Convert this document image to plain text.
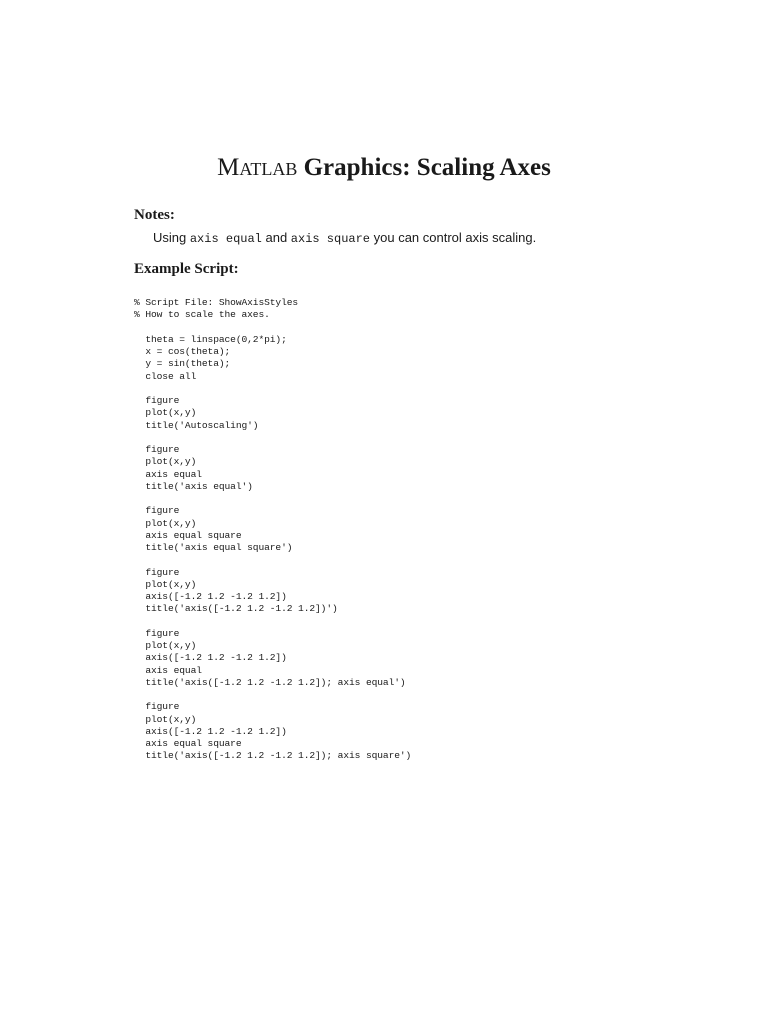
Matlab Graphics: Scaling Axes
Notes:

Using axis equal and axis square you can control axis scaling.

Example Script:
% Script File: ShowAxisStyles
% How to scale the axes.
theta = linspace(0,2*pi);
x = cos(theta);
y = sin(theta);
close all
figure
plot(x,y)
title('Autoscaling')
figure
plot(x,y)
axis equal
title('axis equal')
figure
plot(x,y)
axis equal square
title('axis equal square')
figure
plot(x,y)
axis([-1.2 1.2 -1.2 1.2])
title('axis([-1.2 1.2 -1.2 1.2])')
figure
plot(x,y)
axis([-1.2 1.2 -1.2 1.2])
axis equal
title('axis([-1.2 1.2 -1.2 1.2]); axis equal')
figure
plot(x,y)
axis([-1.2 1.2 -1.2 1.2])
axis equal square
title('axis([-1.2 1.2 -1.2 1.2]); axis square')
